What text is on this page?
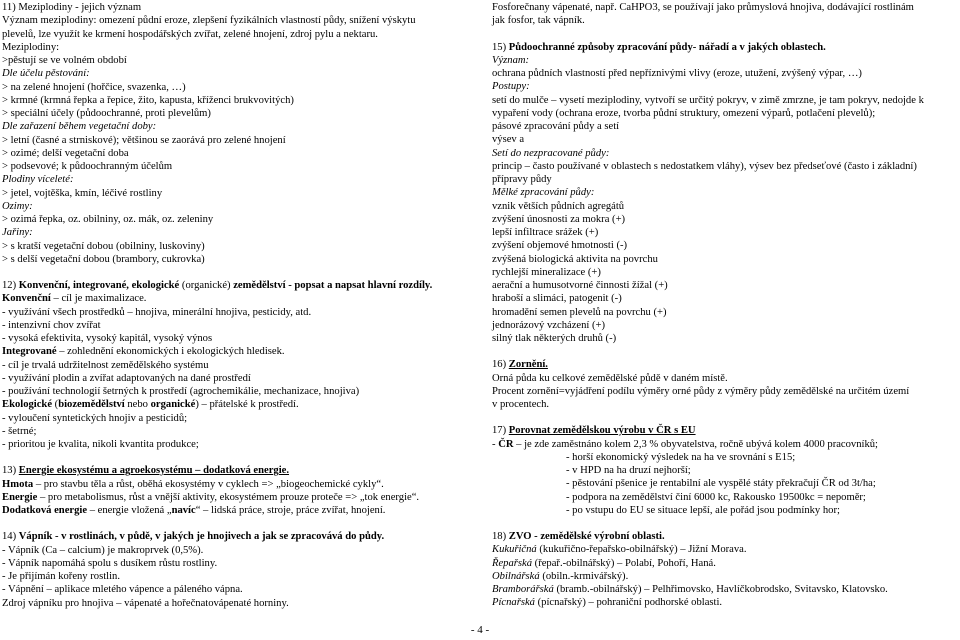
11) Meziplodiny - jejich význam
Význam meziplodiny: omezení půdní eroze, zlepšení fyzikálních vlastností půdy, snížení výskytu
plevelů, lze využít ke krmení hospodářských zvířat, zelené hnojení, zdroj pylu a nektaru.
Meziplodiny:
>pěstují se ve volném období
Dle účelu pěstování:
> na zelené hnojení (hořčice, svazenka, …)
> krmné (krmná řepka a řepice, žito, kapusta, kříženci brukvovitých)
> speciální účely (půdoochranné, proti plevelům)
Dle zařazení během vegetační doby:
> letní (časné a strniskové); většinou se zaorává pro zelené hnojení
> ozimé; delší vegetační doba
> podsevové; k půdoochranným účelům
Plodiny víceleté:
> jetel, vojtěška, kmín, léčivé rostliny
Ozimy:
> ozimá řepka, oz. obilniny, oz. mák, oz. zeleniny
Jařiny:
> s kratší vegetační dobou (obilniny, luskoviny)
> s delší vegetační dobou (brambory, cukrovka)
12) Konvenční, integrované, ekologické (organické) zemědělství - popsat a napsat hlavní rozdíly.
Konvenční – cíl je maximalizace.
- využívání všech prostředků – hnojiva, minerální hnojiva, pesticidy, atd.
- intenzivní chov zvířat
- vysoká efektivita, vysoký kapitál, vysoký výnos
Integrované – zohlednění ekonomických i ekologických hledisek.
- cíl je trvalá udržitelnost zemědělského systému
- využívání plodin a zvířat adaptovaných na dané prostředí
- používání technologií šetrných k prostředí (agrochemikálie, mechanizace, hnojiva)
Ekologické (biozemědělství nebo organické) – přátelské k prostředí.
- vyloučení syntetických hnojiv a pesticidů;
- šetrné;
- prioritou je kvalita, nikoli kvantita produkce;
13) Energie ekosystému a agroekosystému – dodatková energie.
Hmota – pro stavbu těla a růst, oběhá ekosystémy v cyklech => „biogeochemické cykly“.
Energie – pro metabolismus, růst a vnější aktivity, ekosystémem prouze proteče => „tok energie“.
Dodatková energie – energie vložená „navíc“ – lidská práce, stroje, práce zvířat, hnojení.
14) Vápník - v rostlinách, v půdě, v jakých je hnojivech a jak se zpracovává do půdy.
- Vápník (Ca – calcium) je makroprvek (0,5%).
- Vápník napomáhá spolu s dusíkem růstu rostliny.
- Je přijímán kořeny rostlin.
- Vápnění – aplikace mletého vápence a páleného vápna.
Zdroj vápníku pro hnojiva – vápenaté a hořečnatovápenaté horniny.
Fosforečnany vápenaté, např. CaHPO3, se používají jako průmyslová hnojiva, dodávající rostlinám
jak fosfor, tak vápník.
15) Půdoochranné způsoby zpracování půdy- nářadí a v jakých oblastech.
Význam:
ochrana půdních vlastností před nepříznivými vlivy (eroze, utužení, zvýšený výpar, …)
Postupy:
setí do mulče – vysetí meziplodiny, vytvoří se určitý pokryv, v zimě zmrzne, je tam pokryv, nedojde k
vypaření vody (ochrana eroze, tvorba půdní struktury, omezení výparů, potlačení plevelů);
pásové zpracování půdy a setí
výsev a
Setí do nezpracované půdy:
princip – často používané v oblastech s nedostatkem vláhy), výsev bez předseťové (často i základní)
přípravy půdy
Mělké zpracování půdy:
vznik větších půdních agregátů
zvýšení únosnosti za mokra (+)
lepší infiltrace srážek (+)
zvýšení objemové hmotnosti (-)
zvýšená biologická aktivita na povrchu
rychlejší mineralizace (+)
aerační a humusotvorné činnosti žížal (+)
hraboší a slimáci, patogenit (-)
hromadění semen plevelů na povrchu (+)
jednorázový vzcházení (+)
silný tlak některých druhů (-)
16) Zornění.
Orná půda ku celkové zemědělské půdě v daném místě.
Procent zornění=vyjádření podílu výměry orné půdy z výměry půdy zemědělské na určitém území
v procentech.
17) Porovnat zemědělskou výrobu v ČR s EU
- ČR – je zde zaměstnáno kolem 2,3 % obyvatelstva, ročně ubývá kolem 4000 pracovníků;
- horší ekonomický výsledek na ha ve srovnání s E15;
- v HPD na ha druzí nejhorší;
- pěstování pšenice je rentabilní ale vyspělé státy překračují ČR od 3t/ha;
- podpora na zemědělství činí 6000 kc, Rakousko 19500kc = nepoměr;
- po vstupu do EU se situace lepší, ale pořád jsou podmínky hor;
18) ZVO - zemědělské výrobní oblasti.
Kukuřičná (kukuřično-řepařsko-obilnářský) – Jižní Morava.
Řepařská (řepař.-obilnářský) – Polabí, Pohoří, Haná.
Obilnářská (obiln.-krmivářský).
Bramborářská (bramb.-obilnářský) – Pelhřimovsko, Havlíčkobrodsko, Svitavsko, Klatovsko.
Pícnařská (pícnařský) – pohraniční podhorské oblasti.
- 4 -
